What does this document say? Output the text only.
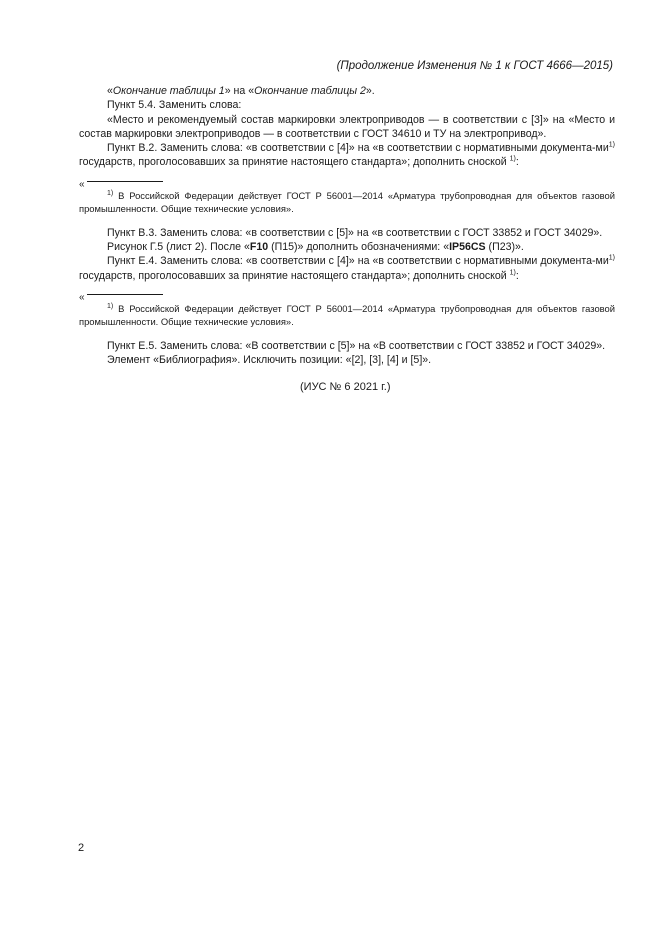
(Продолжение Изменения № 1 к ГОСТ 4666—2015)

«Окончание таблицы 1» на «Окончание таблицы 2».

Пункт 5.4. Заменить слова:

«Место и рекомендуемый состав маркировки электроприводов — в соответствии с [3]» на «Место и состав маркировки электроприводов — в соответствии с ГОСТ 34610 и ТУ на электропривод».

Пункт В.2. Заменить слова: «в соответствии с [4]» на «в соответствии с нормативными документа-$ми^{1)}$ государств, проголосовавших за принятие настоящего стандарта»; дополнить сноской $^{1)}$:

«

$^{1)}$ В Российской Федерации действует ГОСТ Р 56001—2014 «Арматура трубопроводная для объектов газовой промышленности. Общие технические условия».

Пункт В.3. Заменить слова: «в соответствии с [5]» на «в соответствии с ГОСТ 33852 и ГОСТ 34029».

Рисунок Г.5 (лист 2). После «F10 (П15)» дополнить обозначениями: «IP56CS (П23)».

Пункт Е.4. Заменить слова: «в соответствии с [4]» на «в соответствии с нормативными документа-$ми^{1)}$ государств, проголосовавших за принятие настоящего стандарта»; дополнить сноской $^{1)}$:

«

$^{1)}$ В Российской Федерации действует ГОСТ Р 56001—2014 «Арматура трубопроводная для объектов газовой промышленности. Общие технические условия».

Пункт Е.5. Заменить слова: «В соответствии с [5]» на «В соответствии с ГОСТ 33852 и ГОСТ 34029».

Элемент «Библиография». Исключить позиции: «[2], [3], [4] и [5]».

(ИУС № 6 2021 г.)
2
